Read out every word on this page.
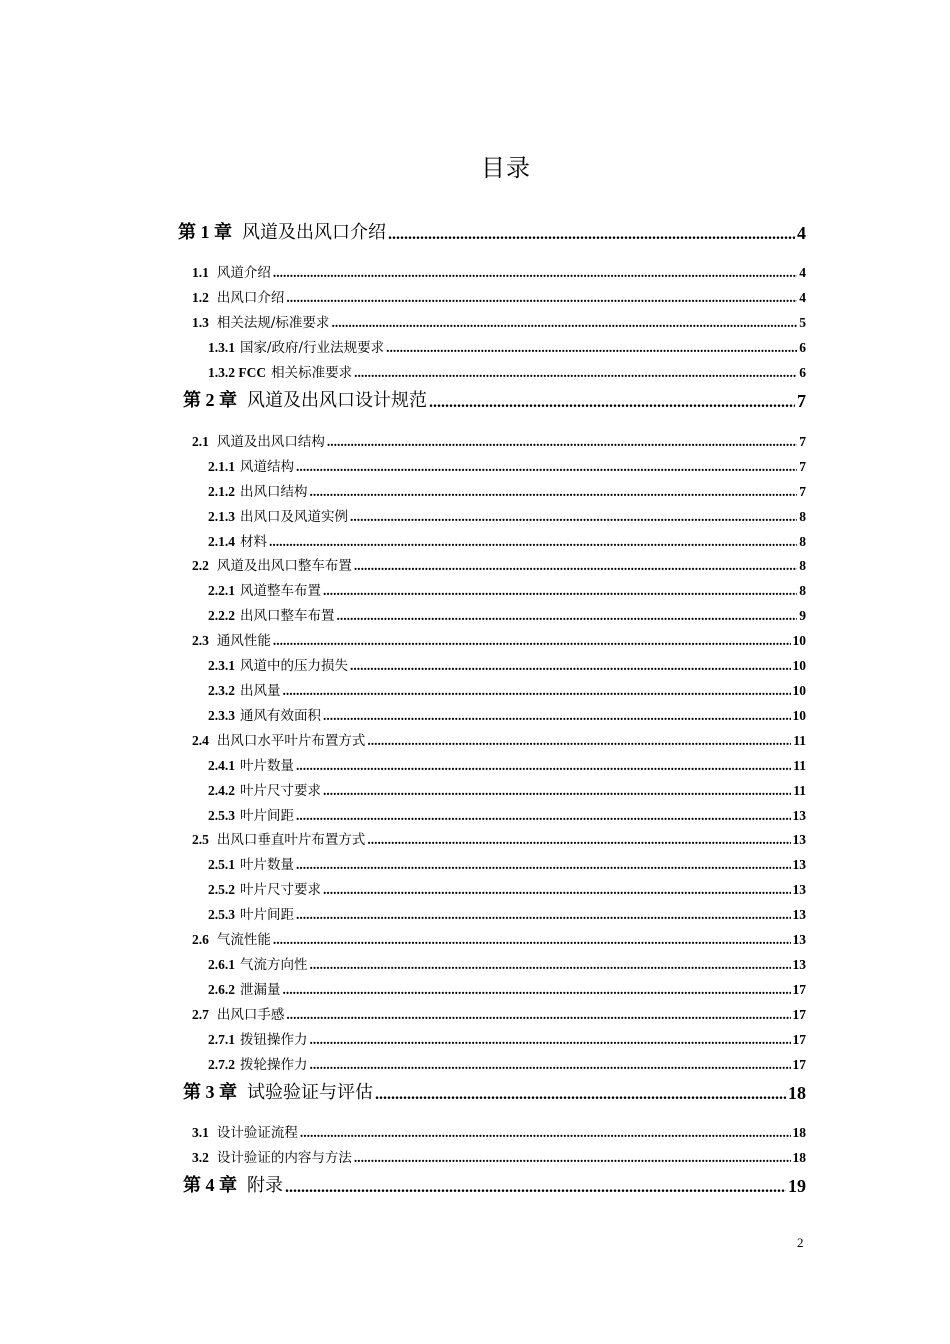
目录
第 1 章 风道及出风口介绍 .....	4
1.1 风道介绍 .....	4
1.2 出风口介绍 .....	4
1.3 相关法规/标准要求 .....	5
1.3.1 国家/政府/行业法规要求 .....	6
1.3.2 FCC 相关标准要求 .....	6
第 2 章 风道及出风口设计规范 .....	7
2.1 风道及出风口结构 .....	7
2.1.1 风道结构 .....	7
2.1.2 出风口结构 .....	7
2.1.3 出风口及风道实例 .....	8
2.1.4 材料 .....	8
2.2 风道及出风口整车布置 .....	8
2.2.1 风道整车布置 .....	8
2.2.2 出风口整车布置 .....	9
2.3 通风性能 .....	10
2.3.1 风道中的压力损失 .....	10
2.3.2 出风量 .....	10
2.3.3 通风有效面积 .....	10
2.4 出风口水平叶片布置方式 .....	11
2.4.1 叶片数量 .....	11
2.4.2 叶片尺寸要求 .....	11
2.5.3 叶片间距 .....	13
2.5 出风口垂直叶片布置方式 .....	13
2.5.1 叶片数量 .....	13
2.5.2 叶片尺寸要求 .....	13
2.5.3 叶片间距 .....	13
2.6 气流性能 .....	13
2.6.1 气流方向性 .....	13
2.6.2 泄漏量 .....	17
2.7 出风口手感 .....	17
2.7.1 拨钮操作力 .....	17
2.7.2 拨轮操作力 .....	17
第 3 章 试验验证与评估 .....	18
3.1 设计验证流程 .....	18
3.2 设计验证的内容与方法 .....	18
第 4 章 附录 .....	19
2
